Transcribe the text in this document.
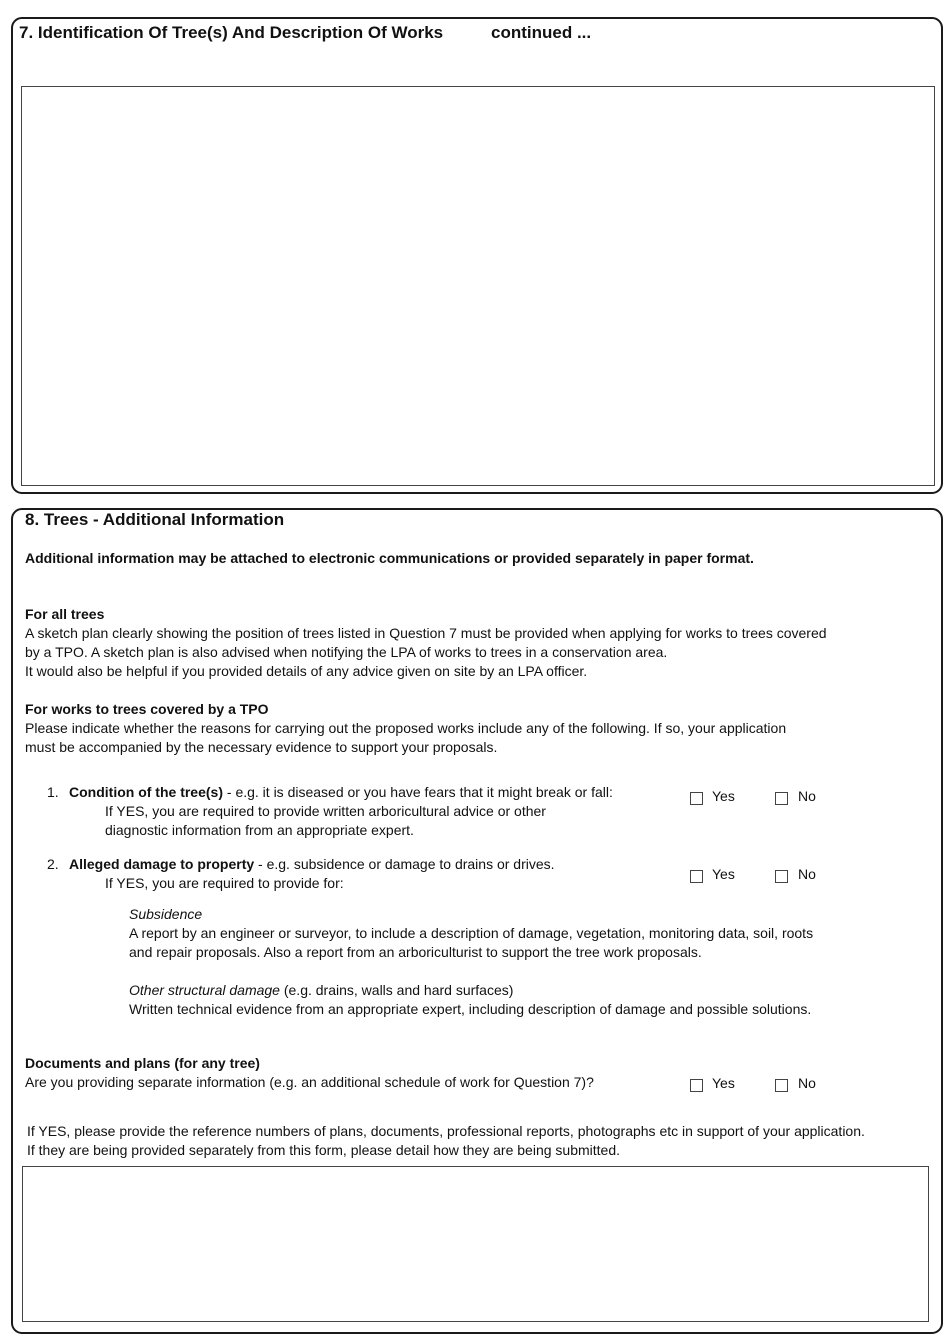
7. Identification Of Tree(s) And Description Of Works	continued ...
8. Trees - Additional Information
Additional information may be attached to electronic communications or provided separately in paper format.
For all trees
A sketch plan clearly showing the position of trees listed in Question 7 must be provided when applying for works to trees covered
by a TPO. A sketch plan is also advised when notifying the LPA of works to trees in a conservation area.
It would also be helpful if you provided details of any advice given on site by an LPA officer.
For works to trees covered by a TPO
Please indicate whether the reasons for carrying out the proposed works include any of the following. If so, your application
must be accompanied by the necessary evidence to support your proposals.
1. Condition of the tree(s) - e.g. it is diseased or you have fears that it might break or fall:
If YES, you are required to provide written arboricultural advice or other
diagnostic information from an appropriate expert.
Yes	No
2. Alleged damage to property - e.g. subsidence or damage to drains or drives.
If YES, you are required to provide for:
Yes	No
Subsidence
A report by an engineer or surveyor, to include a description of damage, vegetation, monitoring data, soil, roots
and repair proposals. Also a report from an arboriculturist to support the tree work proposals.
Other structural damage (e.g. drains, walls and hard surfaces)
Written technical evidence from an appropriate expert, including description of damage and possible solutions.
Documents and plans (for any tree)
Are you providing separate information (e.g. an additional schedule of work for Question 7)?	Yes	No
If YES, please provide the reference numbers of plans, documents, professional reports, photographs etc in support of your application.
If they are being provided separately from this form, please detail how they are being submitted.
